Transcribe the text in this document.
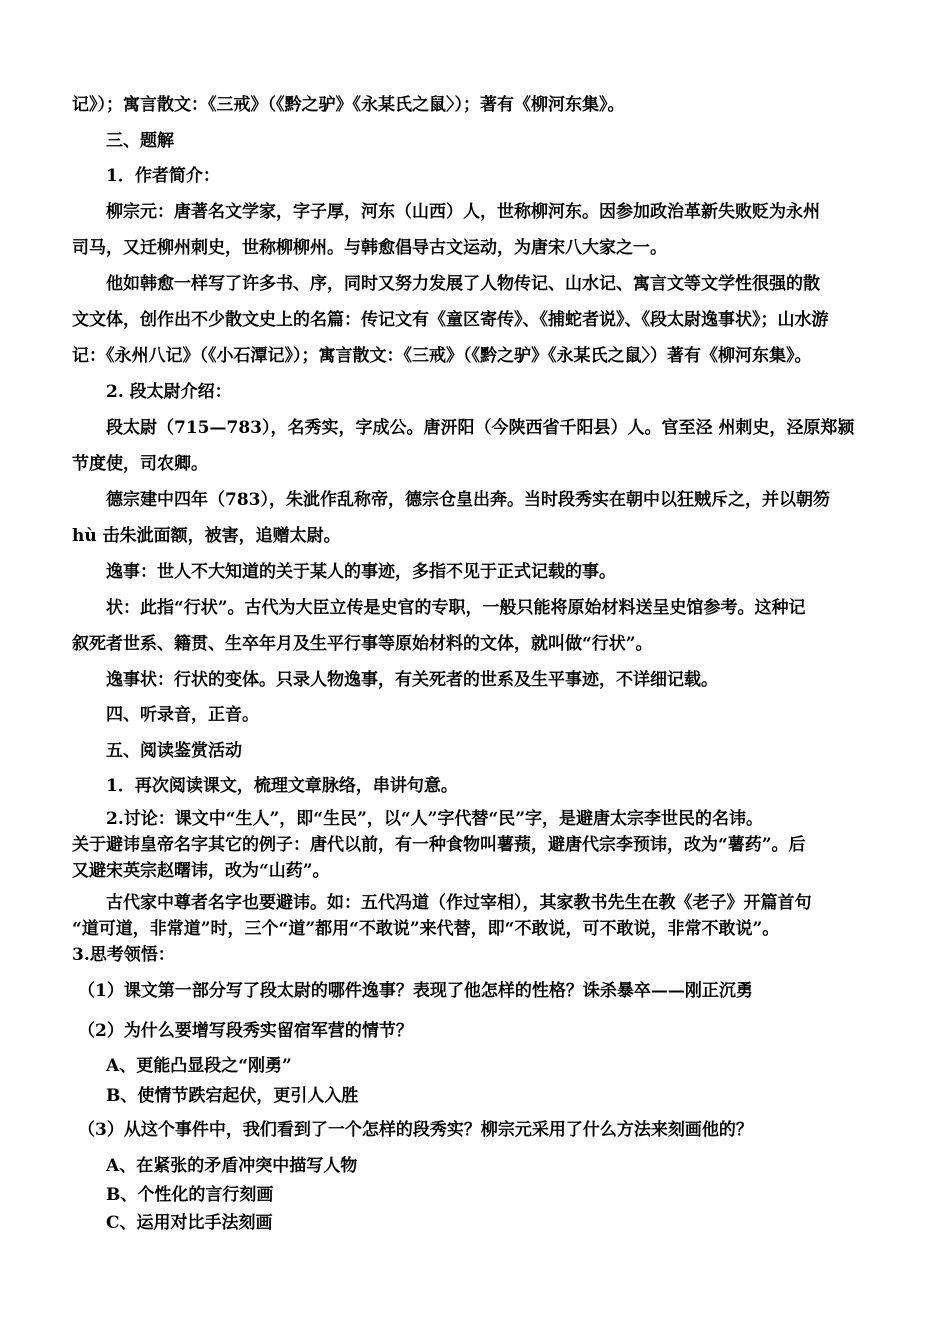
记》）；寓言散文：《三戒》（《黔之驴》《永某氏之鼠〉）；著有《柳河东集》。
三、题解
1．作者简介：
柳宗元：唐著名文学家，字子厚，河东（山西）人，世称柳河东。因参加政治革新失败贬为永州
司马，又迁柳州刺史，世称柳柳州。与韩愈倡导古文运动，为唐宋八大家之一。
他如韩愈一样写了许多书、序，同时又努力发展了人物传记、山水记、寓言文等文学性很强的散
文文体，创作出不少散文史上的名篇：传记文有《童区寄传》、《捕蛇者说》、《段太尉逸事状》；山水游
记：《永州八记》（《小石潭记》）；寓言散文：《三戒》（《黔之驴》《永某氏之鼠〉）著有《柳河东集》。
2. 段太尉介绍：
段太尉（715—783），名秀实，字成公。唐汧阳（今陕西省千阳县）人。官至泾 州刺史，泾原郑颍
节度使，司农卿。
德宗建中四年（783），朱泚作乱称帝，德宗仓皇出奔。当时段秀实在朝中以狂贼斥之，并以朝笏
hù 击朱泚面额，被害，追赠太尉。
逸事：世人不大知道的关于某人的事迹，多指不见于正式记载的事。
状：此指“行状”。古代为大臣立传是史官的专职，一般只能将原始材料送呈史馆参考。这种记
叙死者世系、籍贯、生卒年月及生平行事等原始材料的文体，就叫做“行状”。
逸事状：行状的变体。只录人物逸事，有关死者的世系及生平事迹，不详细记载。
四、听录音，正音。
五、阅读鉴赏活动
1．再次阅读课文，梳理文章脉络，串讲句意。
2.讨论：课文中“生人”，即“生民”，以“人”字代替“民”字，是避唐太宗李世民的名讳。
关于避讳皇帝名字其它的例子：唐代以前，有一种食物叫薯蓣，避唐代宗李预讳，改为“薯药”。后
又避宋英宗赵曙讳，改为“山药”。
古代家中尊者名字也要避讳。如：五代冯道（作过宰相），其家教书先生在教《老子》开篇首句
“道可道，非常道”时，三个“道”都用“不敢说”来代替，即“不敢说，可不敢说，非常不敢说”。
3.思考领悟：
（1）课文第一部分写了段太尉的哪件逸事？表现了他怎样的性格？诛杀暴卒——刚正沉勇
（2）为什么要增写段秀实留宿军营的情节？
A、更能凸显段之“刚勇”
B、使情节跌宕起伏，更引人入胜
（3）从这个事件中，我们看到了一个怎样的段秀实？柳宗元采用了什么方法来刻画他的？
A、在紧张的矛盾冲突中描写人物
B、个性化的言行刻画
C、运用对比手法刻画
